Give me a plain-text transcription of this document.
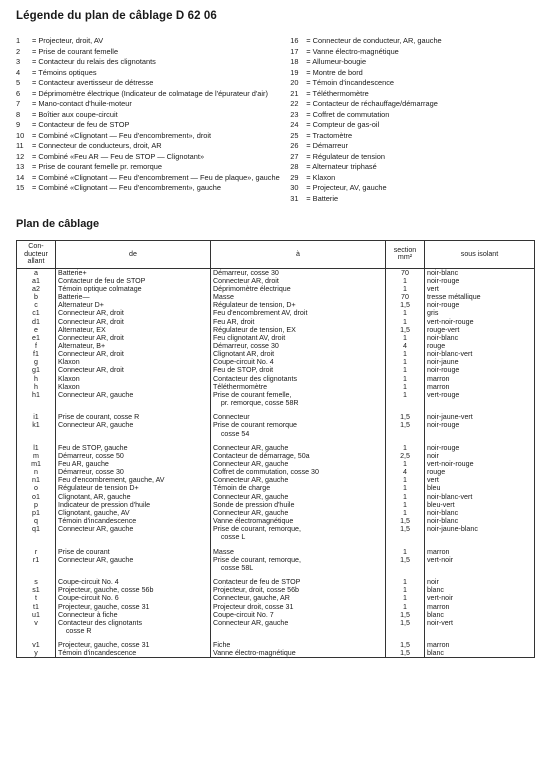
Légende du plan de câblage D 62 06
1	= Projecteur, droit, AV
2	= Prise de courant femelle
3	= Contacteur du relais des clignotants
4	= Témoins optiques
5	= Contacteur avertisseur de détresse
6	= Déprimomètre électrique (Indicateur de colmatage de l'épurateur d'air)
7	= Mano-contact d'huile-moteur
8	= Boîtier aux coupe-circuit
9	= Contacteur de feu de STOP
10	= Combiné «Clignotant — Feu d'encombrement», droit
11	= Connecteur de conducteurs, droit, AR
12	= Combiné «Feu AR — Feu de STOP — Clignotant»
13	= Prise de courant femelle pr. remorque
14	= Combiné «Clignotant — Feu d'encombrement — Feu de plaque», gauche
15	= Combiné «Clignotant — Feu d'encombrement», gauche
16	= Connecteur de conducteur, AR, gauche
17	= Vanne électro-magnétique
18	= Allumeur-bougie
19	= Montre de bord
20	= Témoin d'incandescence
21	= Téléthermomètre
22	= Contacteur de réchauffage/démarrage
23	= Coffret de commutation
24	= Compteur de gas-oil
25	= Tractomètre
26	= Démarreur
27	= Régulateur de tension
28	= Alternateur triphasé
29	= Klaxon
30	= Projecteur, AV, gauche
31	= Batterie
Plan de câblage
Con-
ducteur
allant	de	à	section
mm²	sous isolant
a	Batterie+	Démarreur, cosse 30	70	noir-blanc
a1	Contacteur de feu de STOP	Connecteur AR, droit	1	noir-rouge
a2	Témoin optique colmatage	Déprimomètre électrique	1	vert
b	Batterie—	Masse	70	tresse métallique
c	Alternateur D+	Régulateur de tension, D+	1,5	noir-rouge
c1	Connecteur AR, droit	Feu d'encombrement AV, droit	1	gris
d1	Connecteur AR, droit	Feu AR, droit	1	vert-noir-rouge
e	Alternateur, EX	Régulateur de tension, EX	1,5	rouge-vert
e1	Connecteur AR, droit	Feu clignotant AV, droit	1	noir-blanc
f	Alternateur, B+	Démarreur, cosse 30	4	rouge
f1	Connecteur AR, droit	Clignotant AR, droit	1	noir-blanc-vert
g	Klaxon	Coupe-circuit No. 4	1	noir-jaune
g1	Connecteur AR, droit	Feu de STOP, droit	1	noir-rouge
h	Klaxon	Contacteur des clignotants	1	marron
h	Klaxon	Téléthermomètre	1	marron
h1	Connecteur AR, gauche	Prise de courant femelle,
pr. remorque, cosse 58R	1	vert-rouge

i1	Prise de courant, cosse R	Connecteur	1,5	noir-jaune-vert
k1	Connecteur AR, gauche	Prise de courant remorque
cosse 54	1,5	noir-rouge

l1	Feu de STOP, gauche	Connecteur AR, gauche	1	noir-rouge
m	Démarreur, cosse 50	Contacteur de démarrage, 50a	2,5	noir
m1	Feu AR, gauche	Connecteur AR, gauche	1	vert-noir-rouge
n	Démarreur, cosse 30	Coffret de commutation, cosse 30	4	rouge
n1	Feu d'encombrement, gauche, AV	Connecteur AR, gauche	1	vert
o	Régulateur de tension D+	Témoin de charge	1	bleu
o1	Clignotant, AR, gauche	Connecteur AR, gauche	1	noir-blanc-vert
p	Indicateur de pression d'huile	Sonde de pression d'huile	1	bleu-vert
p1	Clignotant, gauche, AV	Connecteur AR, gauche	1	noir-blanc
q	Témoin d'incandescence	Vanne électromagnétique	1,5	noir-blanc
q1	Connecteur AR, gauche	Prise de courant, remorque,
cosse L	1,5	noir-jaune-blanc

r	Prise de courant	Masse	1	marron
r1	Connecteur AR, gauche	Prise de courant, remorque,
cosse 58L	1,5	vert-noir

s	Coupe-circuit No. 4	Contacteur de feu de STOP	1	noir
s1	Projecteur, gauche, cosse 56b	Projecteur, droit, cosse 56b	1	blanc
t	Coupe-circuit No. 6	Connecteur, gauche, AR	1	vert-noir
t1	Projecteur, gauche, cosse 31	Projecteur droit, cosse 31	1	marron
u1	Connecteur à fiche	Coupe-circuit No. 7	1,5	blanc
v	Contacteur des clignotants
cosse R	Connecteur AR, gauche	1,5	noir-vert

v1	Projecteur, gauche, cosse 31	Fiche	1,5	marron
y	Témoin d'incandescence	Vanne électro-magnétique	1,5	blanc
